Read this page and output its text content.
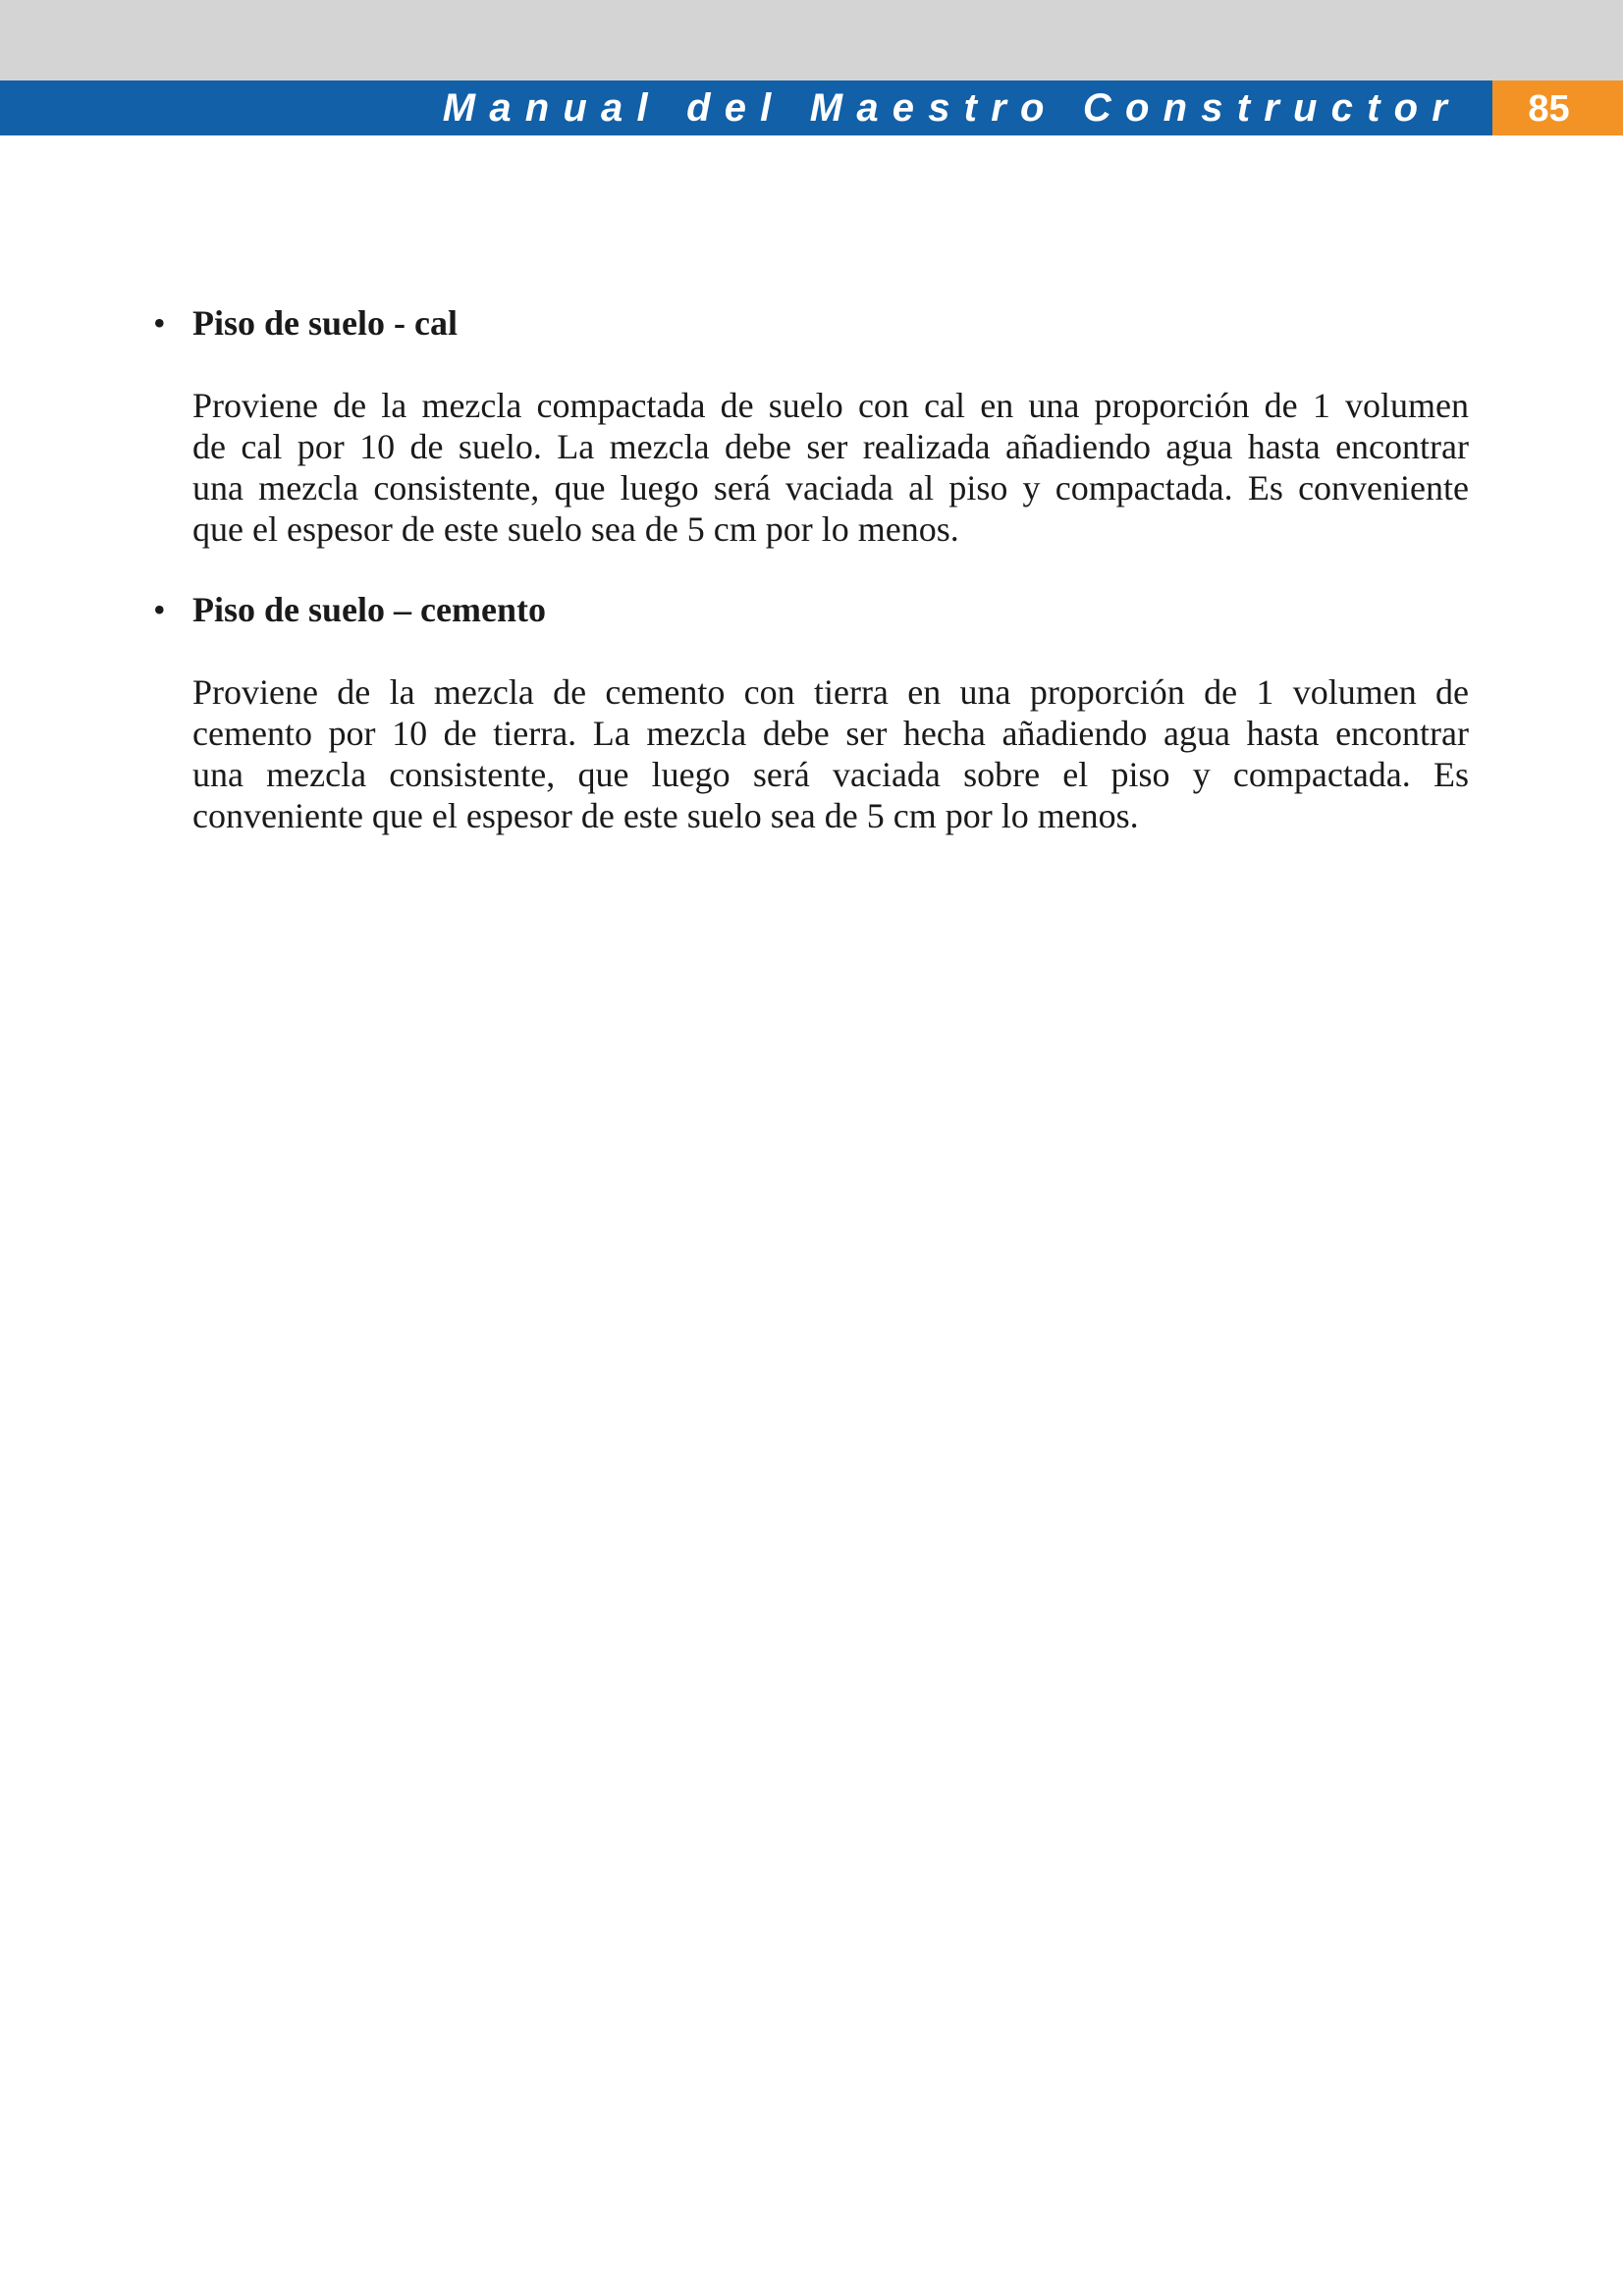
Manual del Maestro Constructor	85
• Piso de suelo - cal
Proviene de la mezcla compactada de suelo con cal en una proporción de 1 volumen
de cal por 10 de suelo. La mezcla debe ser realizada añadiendo agua hasta encontrar
una mezcla consistente, que luego será vaciada al piso y compactada. Es conveniente
que el espesor de este suelo sea de 5 cm por lo menos.
• Piso de suelo – cemento
Proviene de la mezcla de cemento con tierra en una proporción de 1 volumen de
cemento por 10 de tierra. La mezcla debe ser hecha añadiendo agua hasta encontrar
una mezcla consistente, que luego será vaciada sobre el piso y compactada. Es
conveniente que el espesor de este suelo sea de 5 cm por lo menos.
